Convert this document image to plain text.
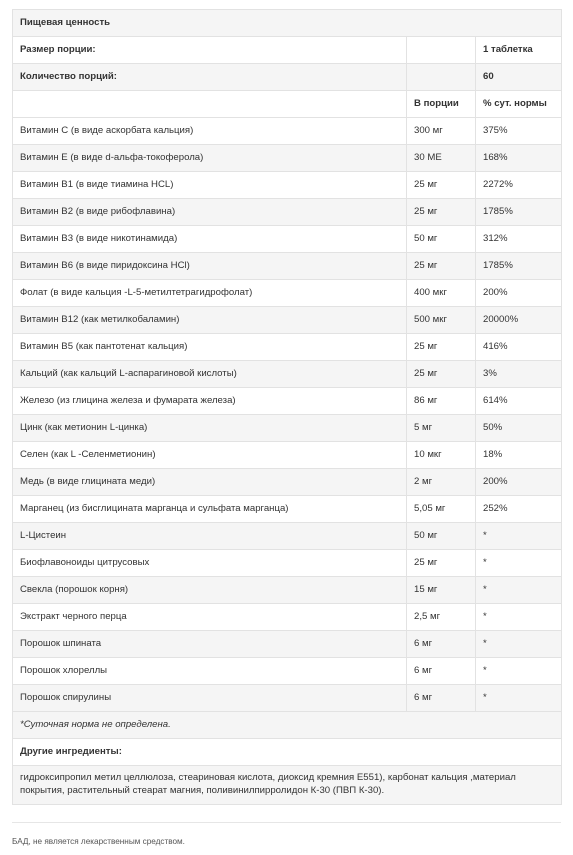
Пищевая ценность		
Размер порции:		1 таблетка
Количество порций:		60
	В порции	% сут. нормы
Витамин С (в виде аскорбата кальция)	300 мг	375%
Витамин Е (в виде d-альфа-токоферола)	30 МЕ	168%
Витамин В1 (в виде тиамина HCL)	25 мг	2272%
Витамин В2 (в виде рибофлавина)	25 мг	1785%
Витамин В3 (в виде никотинамида)	50 мг	312%
Витамин В6 (в виде пиридоксина HCl)	25 мг	1785%
Фолат (в виде кальция -L-5-метилтетрагидрофолат)	400 мкг	200%
Витамин В12 (как метилкобаламин)	500 мкг	20000%
Витамин В5 (как пантотенат кальция)	25 мг	416%
Кальций (как кальций L-аспарагиновой кислоты)	25 мг	3%
Железо (из глицина железа и фумарата железа)	86 мг	614%
Цинк (как метионин L-цинка)	5 мг	50%
Селен (как L -Селенметионин)	10 мкг	18%
Медь (в виде глицината меди)	2 мг	200%
Марганец (из бисглицината марганца и сульфата марганца)	5,05 мг	252%
L-Цистеин	50 мг	*
Биофлавоноиды цитрусовых	25 мг	*
Свекла (порошок корня)	15 мг	*
Экстракт черного перца	2,5 мг	*
Порошок шпината	6 мг	*
Порошок хлореллы	6 мг	*
Порошок спирулины	6 мг	*
*Суточная норма не определена.		
Другие ингредиенты:		
гидроксипропил метил целлюлоза, стеариновая кислота, диоксид кремния E551), карбонат кальция ,материал покрытия, растительный стеарат магния, поливинилпирролидон К-30 (ПВП К-30).		
БАД, не является лекарственным средством.
